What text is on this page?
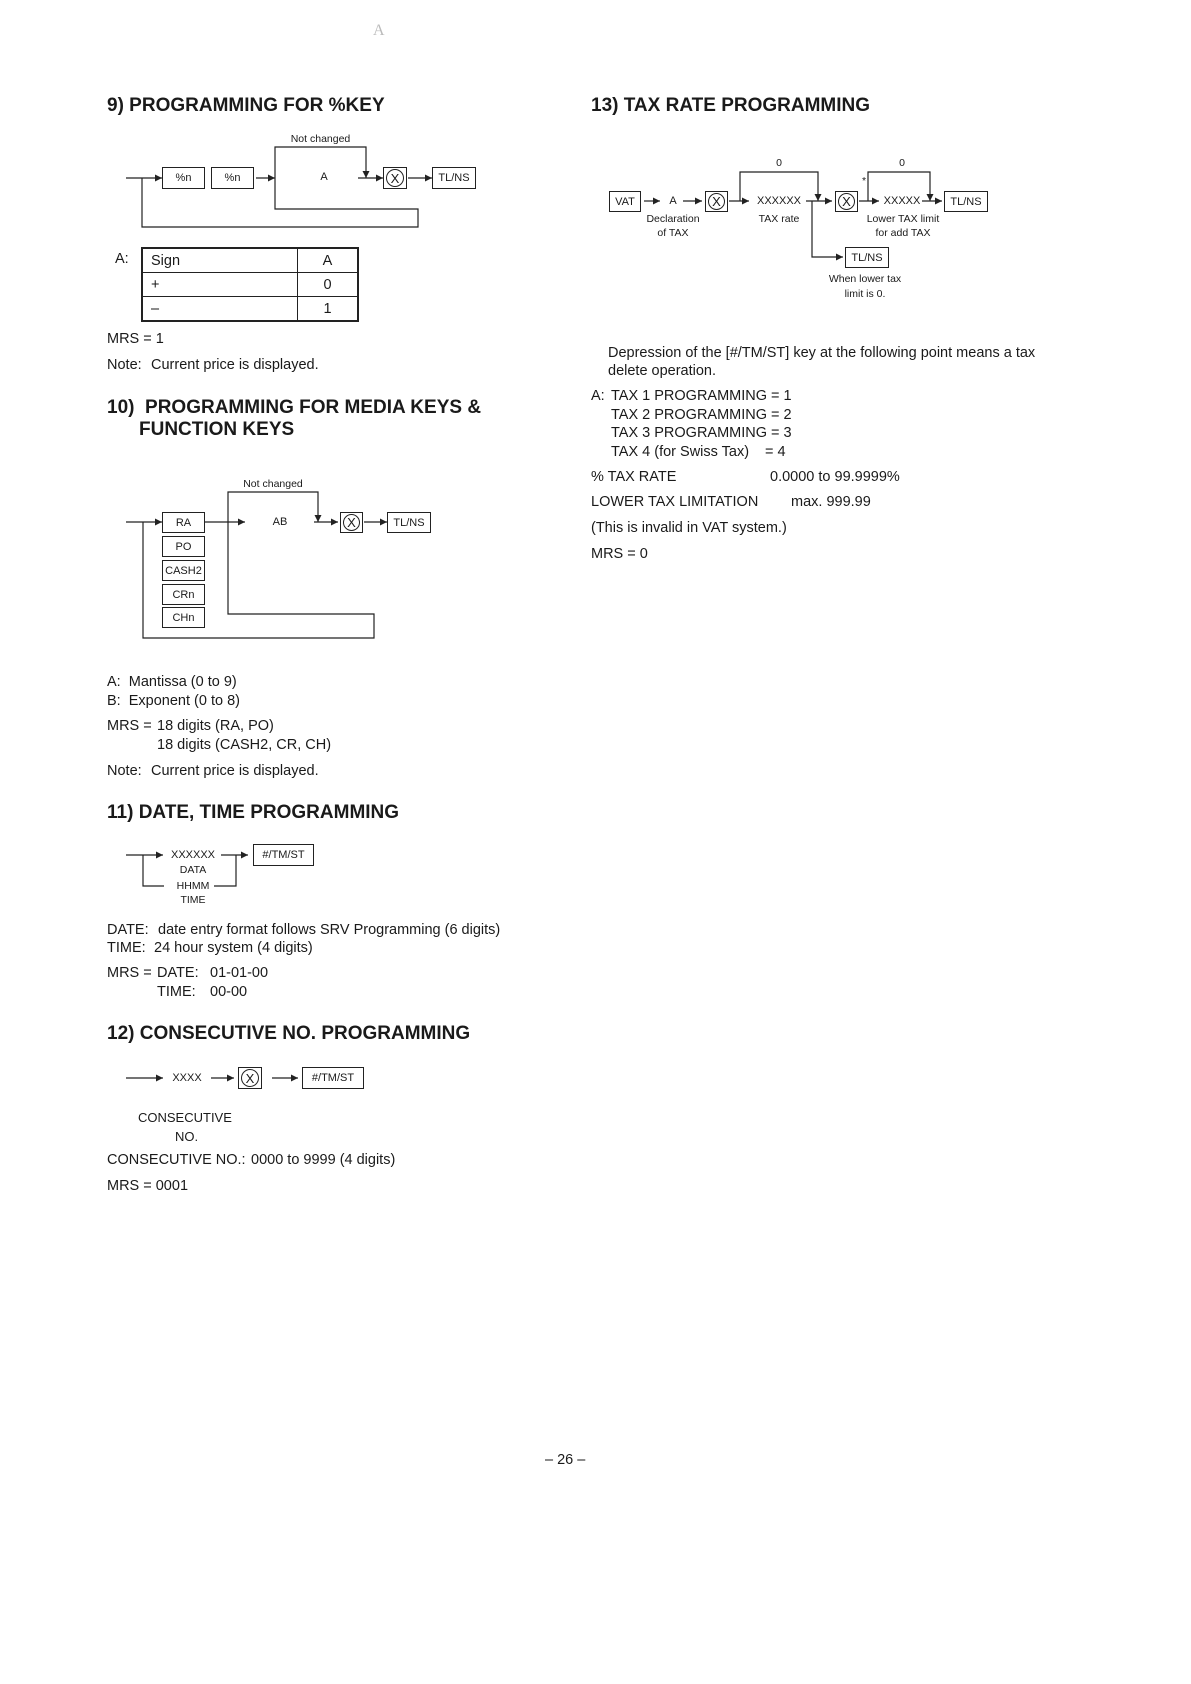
A
9) PROGRAMMING FOR %KEY
Not changed
%n	%n	A	X	TL/NS
A: Sign	A
+	0
–	1
MRS = 1
Note: Current price is displayed.
10)  PROGRAMMING FOR MEDIA KEYS &
FUNCTION KEYS
Not changed
RA
PO
CASH2
CRn
CHn
AB	X	TL/NS
A:  Mantissa (0 to 9)
B:  Exponent (0 to 8)
MRS = 18 digits (RA, PO)
18 digits (CASH2, CR, CH)
Note: Current price is displayed.
11) DATE, TIME PROGRAMMING
XXXXXX
DATA
HHMM
TIME
#/TM/ST
DATE: date entry format follows SRV Programming (6 digits)
TIME: 24 hour system (4 digits)
MRS = DATE: 01-01-00
TIME: 00-00
12) CONSECUTIVE NO. PROGRAMMING
XXXX	X	#/TM/ST
CONSECUTIVE
NO.
CONSECUTIVE NO.: 0000 to 9999 (4 digits)
MRS = 0001
13) TAX RATE PROGRAMMING
0	0
*
VAT	A	X	XXXXXX	X	XXXXX	TL/NS
Declaration
of TAX
TAX rate	Lower TAX limit
for add TAX
TL/NS
When lower tax
limit is 0.
Depression of the [#/TM/ST] key at the following point means a tax
delete operation.
A: TAX 1 PROGRAMMING = 1
TAX 2 PROGRAMMING = 2
TAX 3 PROGRAMMING = 3
TAX 4 (for Swiss Tax) = 4
% TAX RATE	0.0000 to 99.9999%
LOWER TAX LIMITATION max. 999.99
(This is invalid in VAT system.)
MRS = 0
– 26 –
